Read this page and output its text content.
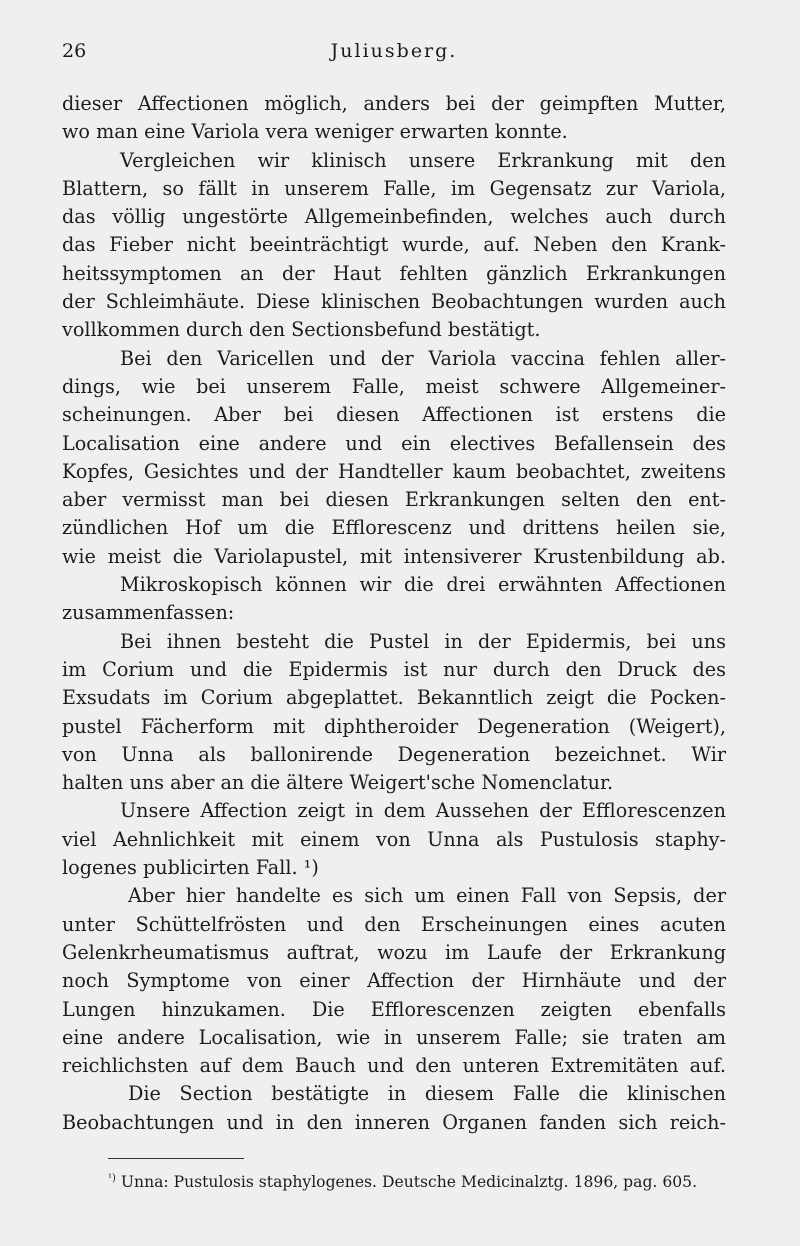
26	Juliusberg.
dieser Affectionen möglich, anders bei der geimpften Mutter,
wo man eine Variola vera weniger erwarten konnte.
Vergleichen wir klinisch unsere Erkrankung mit den
Blattern, so fällt in unserem Falle, im Gegensatz zur Variola,
das völlig ungestörte Allgemeinbefinden, welches auch durch
das Fieber nicht beeinträchtigt wurde, auf. Neben den Krank-
heitssymptomen an der Haut fehlten gänzlich Erkrankungen
der Schleimhäute. Diese klinischen Beobachtungen wurden auch
vollkommen durch den Sectionsbefund bestätigt.
Bei den Varicellen und der Variola vaccina fehlen aller-
dings, wie bei unserem Falle, meist schwere Allgemeiner-
scheinungen. Aber bei diesen Affectionen ist erstens die
Localisation eine andere und ein electives Befallensein des
Kopfes, Gesichtes und der Handteller kaum beobachtet, zweitens
aber vermisst man bei diesen Erkrankungen selten den ent-
zündlichen Hof um die Efflorescenz und drittens heilen sie,
wie meist die Variolapustel, mit intensiverer Krustenbildung ab.
Mikroskopisch können wir die drei erwähnten Affectionen
zusammenfassen:
Bei ihnen besteht die Pustel in der Epidermis, bei uns
im Corium und die Epidermis ist nur durch den Druck des
Exsudats im Corium abgeplattet. Bekanntlich zeigt die Pocken-
pustel Fächerform mit diphtheroider Degeneration (Weigert),
von Unna als ballonirende Degeneration bezeichnet. Wir
halten uns aber an die ältere Weigert'sche Nomenclatur.
Unsere Affection zeigt in dem Aussehen der Efflorescenzen
viel Aehnlichkeit mit einem von Unna als Pustulosis staphy-
logenes publicirten Fall. ¹)
Aber hier handelte es sich um einen Fall von Sepsis, der
unter Schüttelfrösten und den Erscheinungen eines acuten
Gelenkrheumatismus auftrat, wozu im Laufe der Erkrankung
noch Symptome von einer Affection der Hirnhäute und der
Lungen hinzukamen. Die Efflorescenzen zeigten ebenfalls
eine andere Localisation, wie in unserem Falle; sie traten am
reichlichsten auf dem Bauch und den unteren Extremitäten auf.
Die Section bestätigte in diesem Falle die klinischen
Beobachtungen und in den inneren Organen fanden sich reich-
$^{^1)}$ Unna: Pustulosis staphylogenes. Deutsche Medicinalztg. 1896, pag. 605.
